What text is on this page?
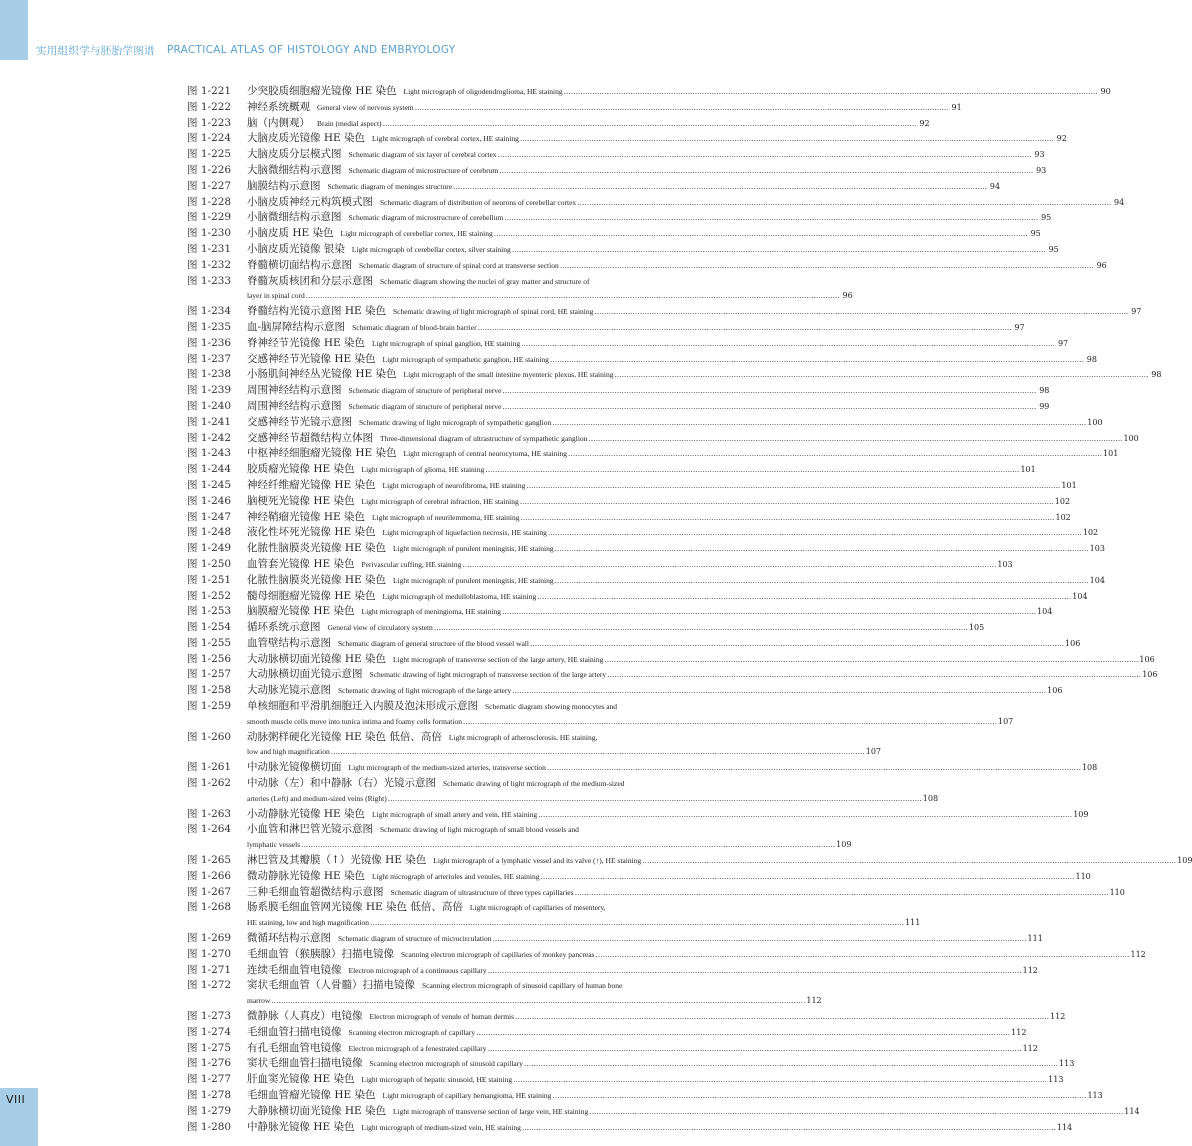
实用组织学与胚胎学图谱 PRACTICAL ATLAS OF HISTOLOGY AND EMBRYOLOGY
图 1-221	少突胶质细胞瘤光镜像 HE 染色 Light micrograph of oligodendroglioma, HE staining .....	90
图 1-222	神经系统概观 General view of nervous system .....	91
图 1-223	脑（内侧观） Brain (medial aspect) .....	92
图 1-224	大脑皮质光镜像 HE 染色 Light micrograph of cerebral cortex, HE staining .....	92
图 1-225	大脑皮质分层模式图 Schematic diagram of six layer of cerebral cortex .....	93
图 1-226	大脑微细结构示意图 Schematic diagram of microstructure of cerebrum .....	93
图 1-227	脑膜结构示意图 Schematic diagram of meninges structure .....	94
图 1-228	小脑皮质神经元构筑模式图 Schematic diagram of distribution of neurons of cerebellar cortex .....	94
图 1-229	小脑微细结构示意图 Schematic diagram of microstructure of cerebellum .....	95
图 1-230	小脑皮质 HE 染色 Light micrograph of cerebellar cortex, HE staining .....	95
图 1-231	小脑皮质光镜像 银染 Light micrograph of cerebellar cortex, silver staining .....	95
图 1-232	脊髓横切面结构示意图 Schematic diagram of structure of spinal cord at transverse section .....	96
图 1-233	脊髓灰质核团和分层示意图 Schematic diagram showing the nuclei of gray matter and structure of
layer in spinal cord .....	96
图 1-234	脊髓结构光镜示意图 HE 染色 Schematic drawing of light micrograph of spinal cord, HE staining .....	97
图 1-235	血-脑屏障结构示意图 Schematic diagram of blood-brain barrier .....	97
图 1-236	脊神经节光镜像 HE 染色 Light micrograph of spinal ganglion, HE staining .....	97
图 1-237	交感神经节光镜像 HE 染色 Light micrograph of sympathetic ganglion, HE staining .....	98
图 1-238	小肠肌间神经丛光镜像 HE 染色 Light micrograph of the small intestine myenteric plexus, HE staining .....	98
图 1-239	周围神经结构示意图 Schematic diagram of structure of peripheral nerve .....	98
图 1-240	周围神经结构示意图 Schematic diagram of structure of peripheral nerve .....	99
图 1-241	交感神经节光镜示意图 Schematic drawing of light micrograph of sympathetic ganglion .....	100
图 1-242	交感神经节超微结构立体图 Three-dimensional diagram of ultrastructure of sympathetic ganglion .....	100
图 1-243	中枢神经细胞瘤光镜像 HE 染色 Light micrograph of central neurocytoma, HE staining .....	101
图 1-244	胶质瘤光镜像 HE 染色 Light micrograph of glioma, HE staining .....	101
图 1-245	神经纤维瘤光镜像 HE 染色 Light micrograph of neurofibroma, HE staining .....	101
图 1-246	脑梗死光镜像 HE 染色 Light micrograph of cerebral infraction, HE staining .....	102
图 1-247	神经鞘瘤光镜像 HE 染色 Light micrograph of neurilemmoma, HE staining .....	102
图 1-248	液化性坏死光镜像 HE 染色 Light micrograph of liquefaction necrosis, HE staining .....	102
图 1-249	化脓性脑膜炎光镜像 HE 染色 Light micrograph of purulent meningitis, HE staining .....	103
图 1-250	血管套光镜像 HE 染色 Perivascular cuffing, HE staining .....	103
图 1-251	化脓性脑膜炎光镜像 HE 染色 Light micrograph of purulent meningitis, HE staining .....	104
图 1-252	髓母细胞瘤光镜像 HE 染色 Light micrograph of medulloblastoma, HE staining .....	104
图 1-253	脑膜瘤光镜像 HE 染色 Light micrograph of meningioma, HE staining .....	104
图 1-254	循环系统示意图 General view of circulatory system .....	105
图 1-255	血管壁结构示意图 Schematic diagram of general structure of the blood vessel wall .....	106
图 1-256	大动脉横切面光镜像 HE 染色 Light micrograph of transverse section of the large artery, HE staining .....	106
图 1-257	大动脉横切面光镜示意图 Schematic drawing of light micrograph of transverse section of the large artery .....	106
图 1-258	大动脉光镜示意图 Schematic drawing of light micrograph of the large artery .....	106
图 1-259	单核细胞和平滑肌细胞迁入内膜及泡沫形成示意图 Schematic diagram showing monocytes and
smooth muscle cells move into tunica intima and foamy cells formation .....	107
图 1-260	动脉粥样硬化光镜像 HE 染色 低倍、高倍 Light micrograph of atherosclerosis, HE staining,
low and high magnification .....	107
图 1-261	中动脉光镜像横切面 Light micrograph of the medium-sized arteries, transverse section .....	108
图 1-262	中动脉（左）和中静脉（右）光镜示意图 Schematic drawing of light micrograph of the medium-sized
arteries (Left) and medium-sized veins (Right) .....	108
图 1-263	小动静脉光镜像 HE 染色 Light micrograph of small artery and vein, HE staining .....	109
图 1-264	小血管和淋巴管光镜示意图 Schematic drawing of light micrograph of small blood vessels and
lymphatic vessels .....	109
图 1-265	淋巴管及其瓣膜（↑）光镜像 HE 染色 Light micrograph of a lymphatic vessel and its valve (↑), HE staining .....	109
图 1-266	微动静脉光镜像 HE 染色 Light micrograph of arterioles and venules, HE staining .....	110
图 1-267	三种毛细血管超微结构示意图 Schematic diagram of ultrastructure of three types capillaries .....	110
图 1-268	肠系膜毛细血管网光镜像 HE 染色 低倍、高倍 Light micrograph of capillaries of mesentery,
HE staining, low and high magnification .....	111
图 1-269	微循环结构示意图 Schematic diagram of structure of microcirculation .....	111
图 1-270	毛细血管（猴胰腺）扫描电镜像 Scanning electron micrograph of capillaries of monkey pancreas .....	112
图 1-271	连续毛细血管电镜像 Electron micrograph of a continuous capillary .....	112
图 1-272	窦状毛细血管（人骨髓）扫描电镜像 Scanning electron micrograph of sinusoid capillary of human bone
marrow .....	112
图 1-273	微静脉（人真皮）电镜像 Electron micrograph of venule of human dermis .....	112
图 1-274	毛细血管扫描电镜像 Scanning electron micrograph of capillary .....	112
图 1-275	有孔毛细血管电镜像 Electron micrograph of a fenestrated capillary .....	112
图 1-276	窦状毛细血管扫描电镜像 Scanning electron micrograph of sinusoid capillary .....	113
图 1-277	肝血窦光镜像 HE 染色 Light micrograph of hepatic sinusoid, HE staining .....	113
图 1-278	毛细血管瘤光镜像 HE 染色 Light micrograph of capillary hemangioma, HE staining .....	113
图 1-279	大静脉横切面光镜像 HE 染色 Light micrograph of transverse section of large vein, HE staining .....	114
图 1-280	中静脉光镜像 HE 染色 Light micrograph of medium-sized vein, HE staining .....	114
VIII
